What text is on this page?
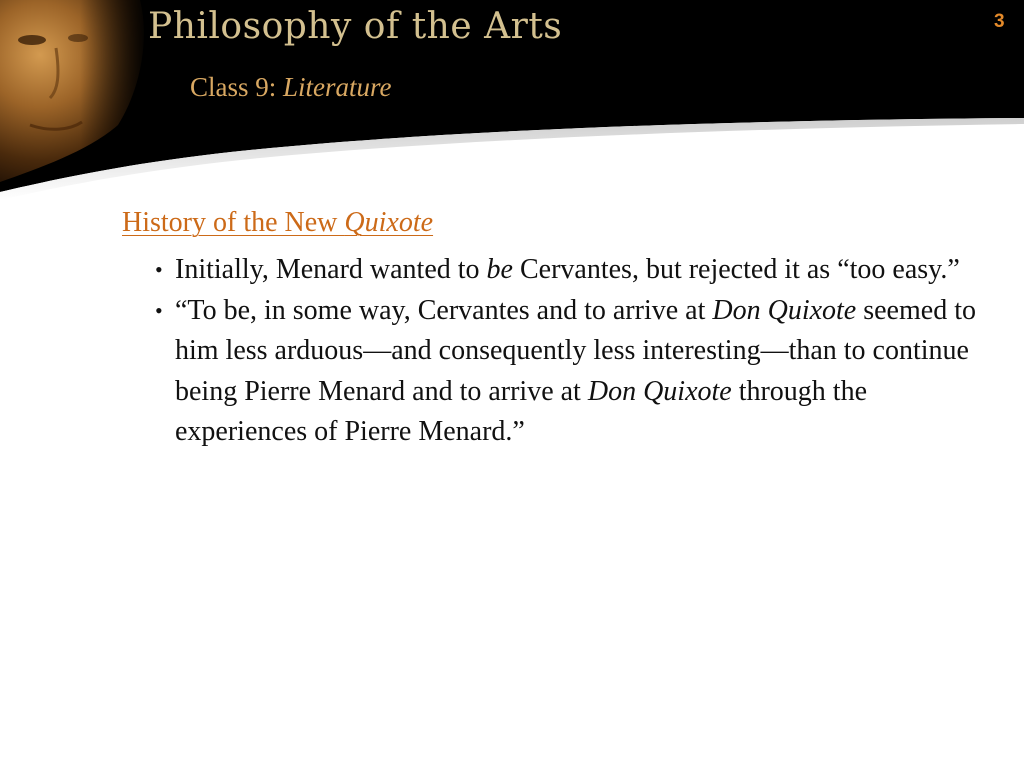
Philosophy of the Arts
Class 9: Literature
3
History of the New Quixote
• Initially, Menard wanted to be Cervantes, but rejected it as “too easy.”
• “To be, in some way, Cervantes and to arrive at Don Quixote seemed to him less arduous—and consequently less interesting—than to continue being Pierre Menard and to arrive at Don Quixote through the experiences of Pierre Menard.”
